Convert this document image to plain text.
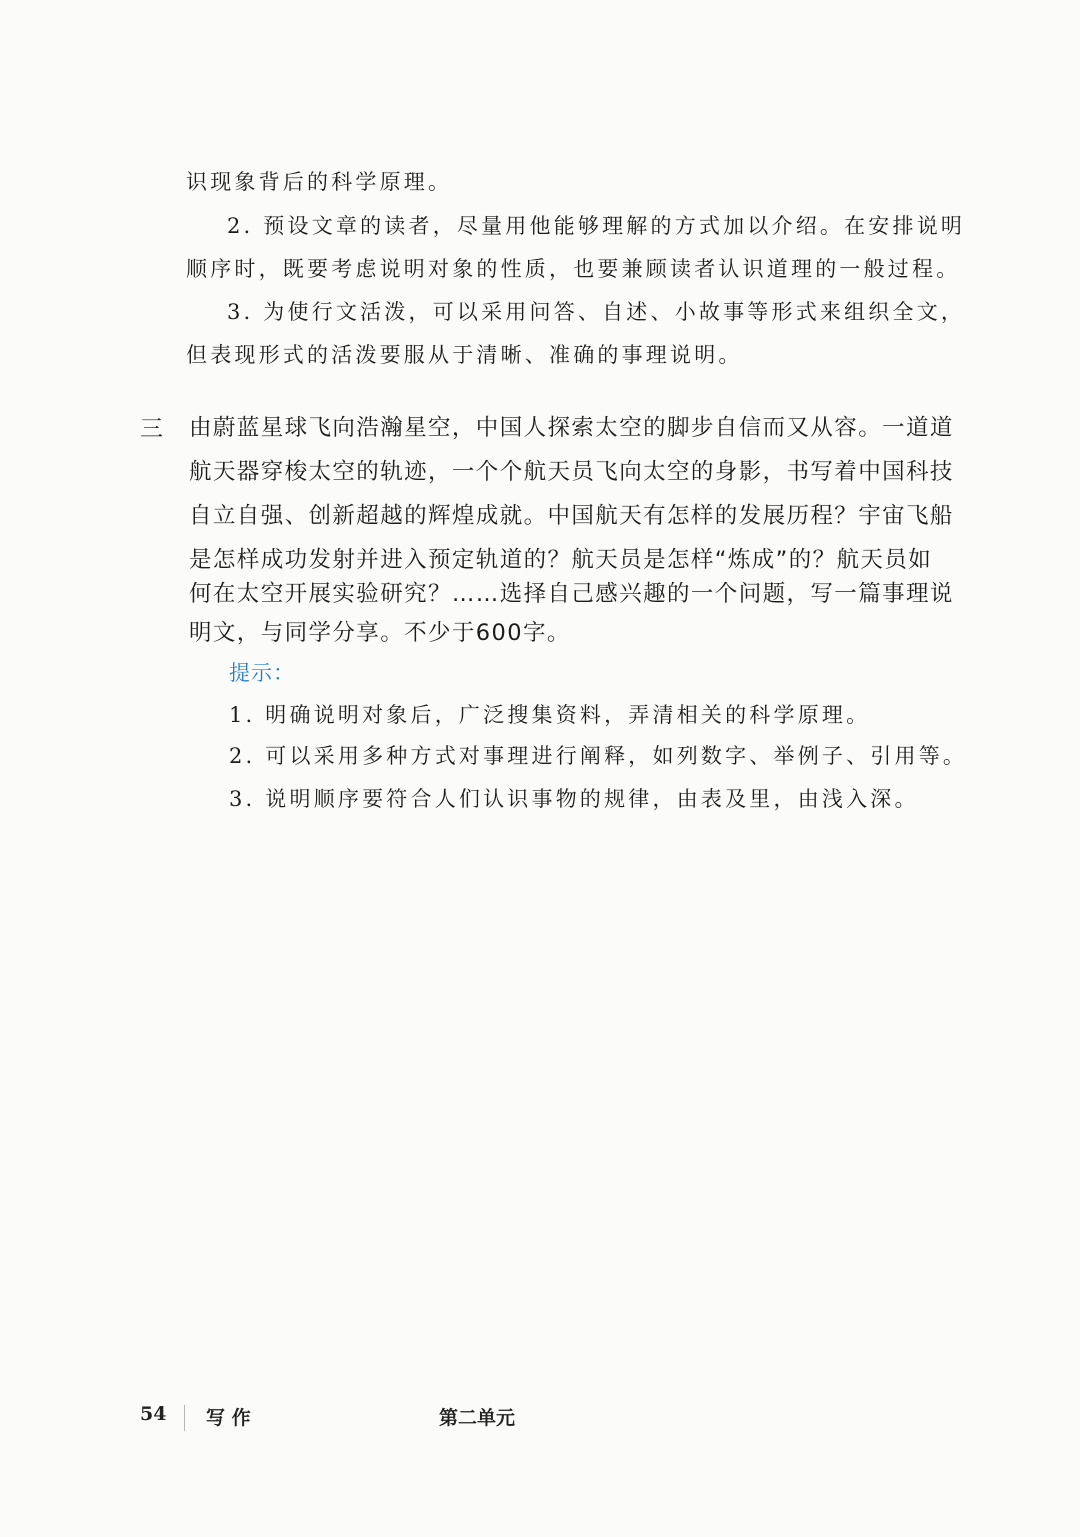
识现象背后的科学原理。
2. 预设文章的读者，尽量用他能够理解的方式加以介绍。在安排说明
顺序时，既要考虑说明对象的性质，也要兼顾读者认识道理的一般过程。
3. 为使行文活泼，可以采用问答、自述、小故事等形式来组织全文，
但表现形式的活泼要服从于清晰、准确的事理说明。
三 由蔚蓝星球飞向浩瀚星空，中国人探索太空的脚步自信而又从容。一道道
航天器穿梭太空的轨迹，一个个航天员飞向太空的身影，书写着中国科技
自立自强、创新超越的辉煌成就。中国航天有怎样的发展历程？宇宙飞船
是怎样成功发射并进入预定轨道的？航天员是怎样“炼成”的？航天员如
何在太空开展实验研究？……选择自己感兴趣的一个问题，写一篇事理说
明文，与同学分享。不少于600字。
提示：
1. 明确说明对象后，广泛搜集资料，弄清相关的科学原理。
2. 可以采用多种方式对事理进行阐释，如列数字、举例子、引用等。
3. 说明顺序要符合人们认识事物的规律，由表及里，由浅入深。
54 写 作	第二单元
